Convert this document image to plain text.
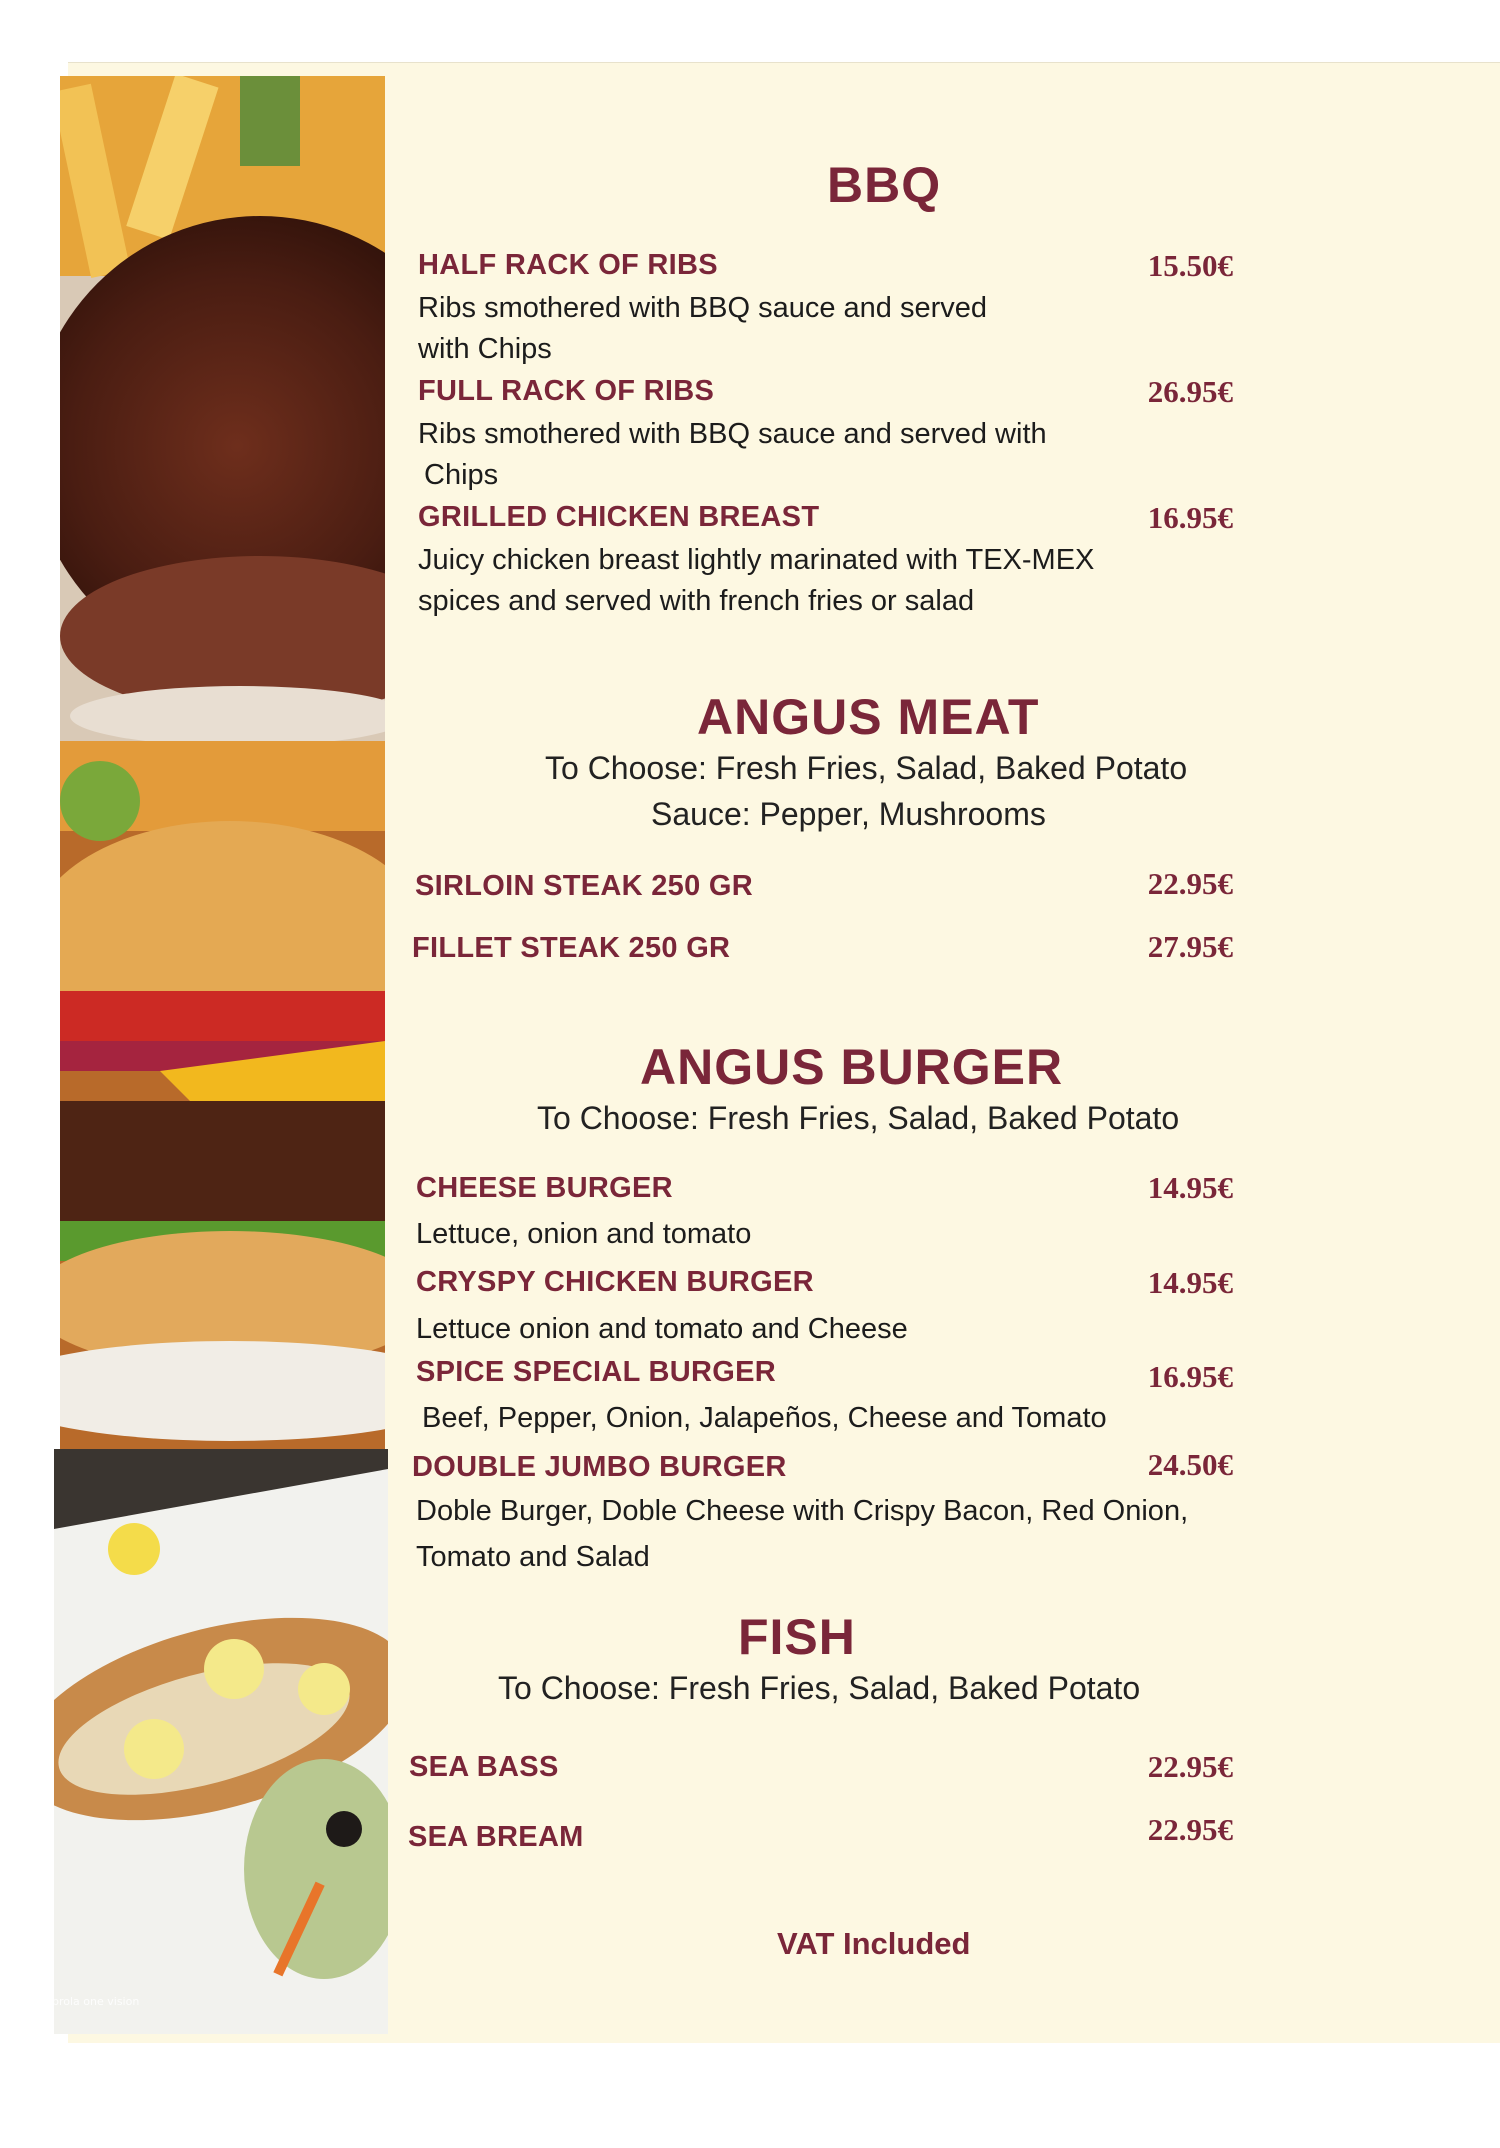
prola one vision
BBQ
HALF RACK OF RIBS	15.50€
Ribs smothered with BBQ sauce and served
with Chips
FULL RACK OF RIBS	26.95€
Ribs smothered with BBQ sauce and served with
Chips
GRILLED CHICKEN BREAST	16.95€
Juicy chicken breast lightly marinated with TEX-MEX
spices and served with french fries or salad
ANGUS MEAT
To Choose: Fresh Fries, Salad, Baked Potato
Sauce: Pepper, Mushrooms
SIRLOIN STEAK 250 GR	22.95€
FILLET STEAK 250 GR	27.95€
ANGUS BURGER
To Choose: Fresh Fries, Salad, Baked Potato
CHEESE BURGER	14.95€
Lettuce, onion and tomato
CRYSPY CHICKEN BURGER	14.95€
Lettuce onion and tomato and Cheese
SPICE SPECIAL BURGER	16.95€
Beef, Pepper, Onion, Jalapeños, Cheese and Tomato
DOUBLE JUMBO BURGER	24.50€
Doble Burger, Doble Cheese with Crispy Bacon, Red Onion,
Tomato and Salad
FISH
To Choose: Fresh Fries, Salad, Baked Potato
SEA BASS	22.95€
SEA BREAM	22.95€
VAT Included
